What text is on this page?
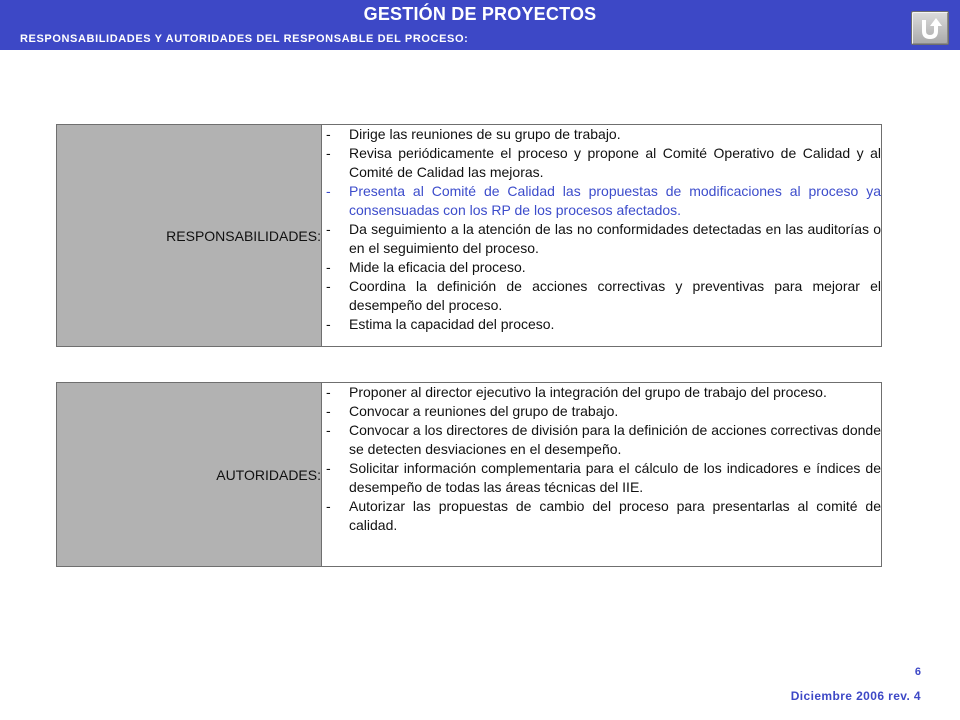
GESTIÓN DE PROYECTOS
RESPONSABILIDADES Y AUTORIDADES DEL RESPONSABLE DEL PROCESO:
RESPONSABILIDADES:	
- Dirige las reuniones de su grupo de trabajo.
- Revisa periódicamente el proceso y propone al Comité Operativo de Calidad y al Comité de Calidad las mejoras.
- Presenta al Comité de Calidad las propuestas de modificaciones al proceso ya consensuadas con los RP de los procesos afectados.
- Da seguimiento a la atención de las no conformidades detectadas en las auditorías o en el seguimiento del proceso.
- Mide la eficacia del proceso.
- Coordina la definición de acciones correctivas y preventivas para mejorar el desempeño del proceso.
- Estima la capacidad del proceso.
AUTORIDADES:	
- Proponer al director ejecutivo la integración del grupo de trabajo del proceso.
- Convocar a reuniones del grupo de trabajo.
- Convocar a los directores de división para la definición de acciones correctivas donde se detecten desviaciones en el desempeño.
- Solicitar información complementaria para el cálculo de los indicadores e índices de desempeño de todas las áreas técnicas del IIE.
- Autorizar las propuestas de cambio del proceso para presentarlas al comité de calidad.
6
Diciembre 2006 rev. 4
